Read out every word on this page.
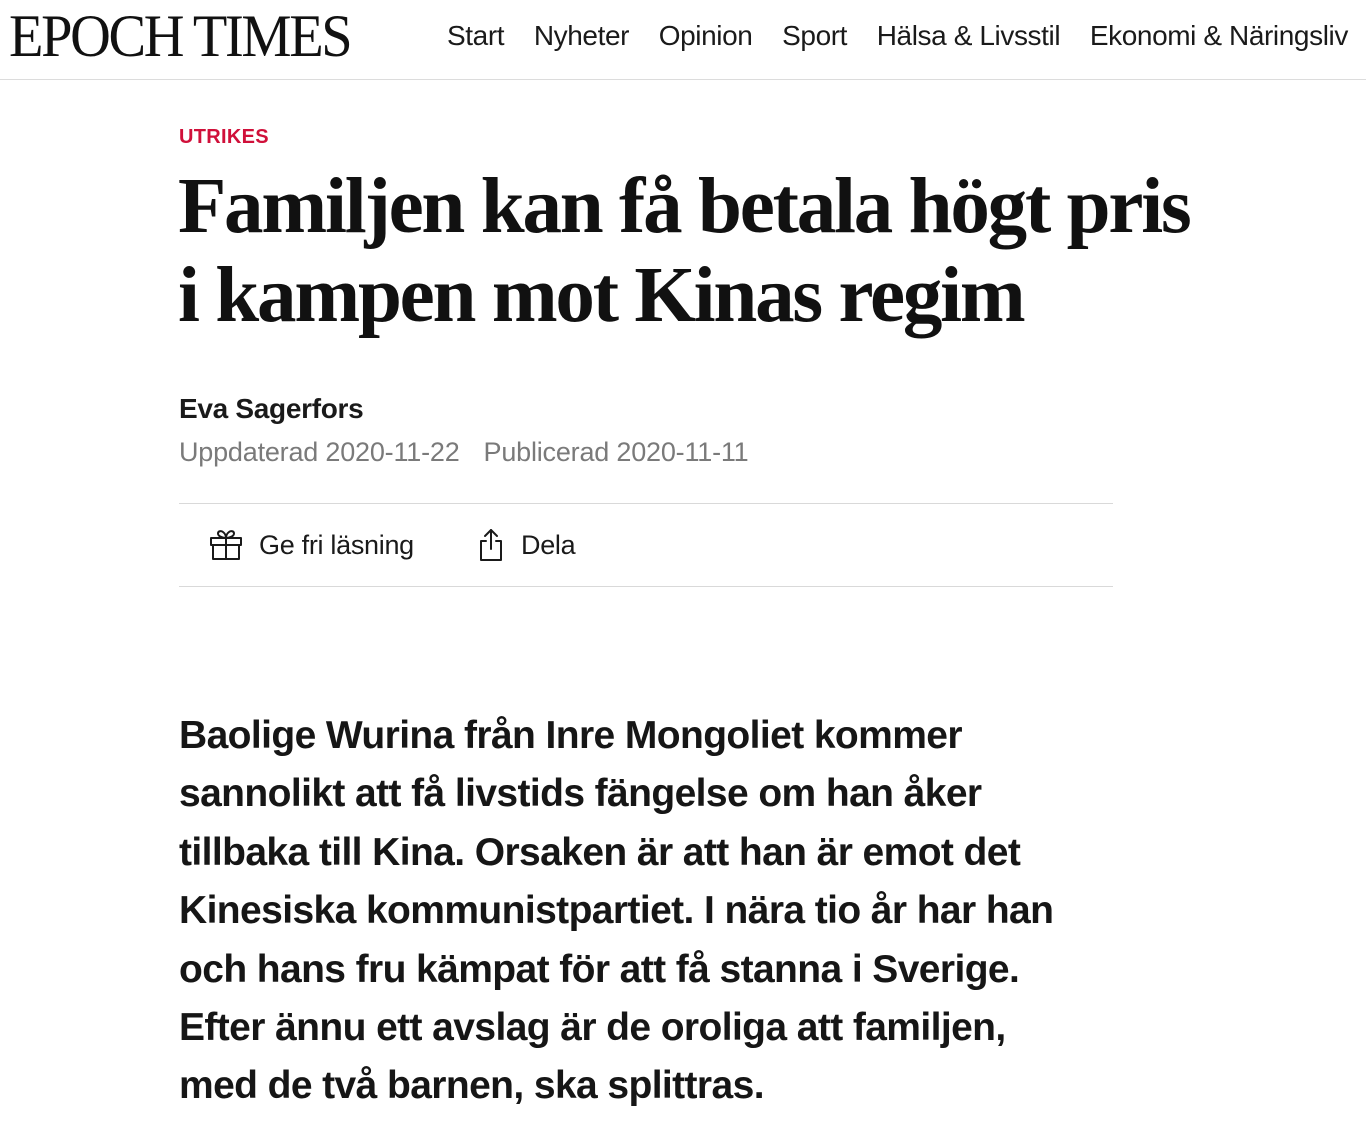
EPOCH TIMES	Start Nyheter Opinion Sport Hälsa & Livsstil Ekonomi & Näringsliv
UTRIKES
Familjen kan få betala högt pris
i kampen mot Kinas regim
Eva Sagerfors
Uppdaterad 2020-11-22 Publicerad 2020-11-11
Ge fri läsning	Dela

Baolige Wurina från Inre Mongoliet kommer
sannolikt att få livstids fängelse om han åker
tillbaka till Kina. Orsaken är att han är emot det
Kinesiska kommunistpartiet. I nära tio år har han
och hans fru kämpat för att få stanna i Sverige.
Efter ännu ett avslag är de oroliga att familjen,
med de två barnen, ska splittras.
